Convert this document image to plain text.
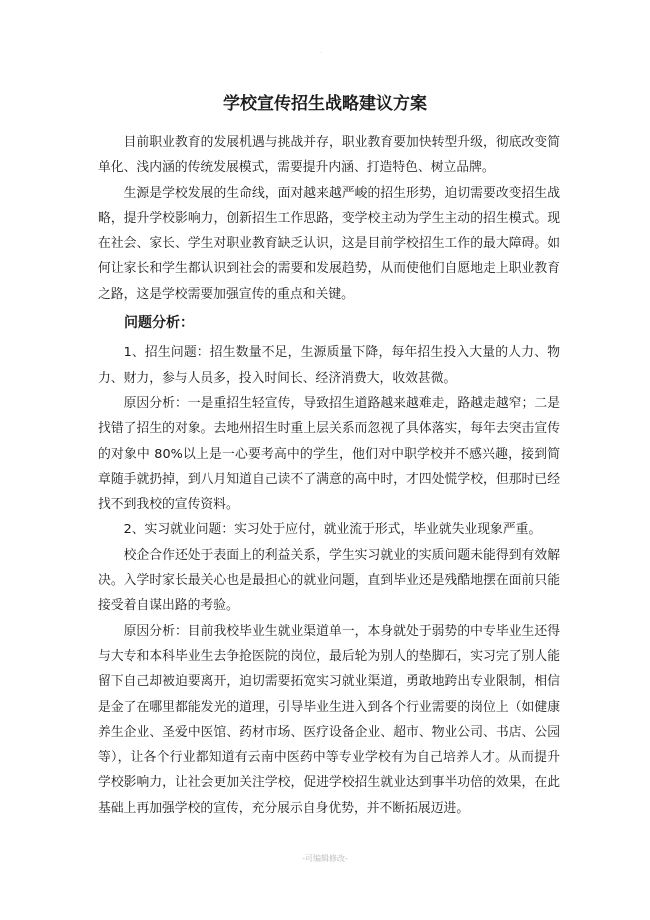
.
学校宣传招生战略建议方案

目前职业教育的发展机遇与挑战并存，职业教育要加快转型升级，彻底改变简单化、浅内涵的传统发展模式，需要提升内涵、打造特色、树立品牌。

生源是学校发展的生命线，面对越来越严峻的招生形势，迫切需要改变招生战略，提升学校影响力，创新招生工作思路，变学校主动为学生主动的招生模式。现在社会、家长、学生对职业教育缺乏认识，这是目前学校招生工作的最大障碍。如何让家长和学生都认识到社会的需要和发展趋势，从而使他们自愿地走上职业教育之路，这是学校需要加强宣传的重点和关键。

问题分析：

1、招生问题：招生数量不足，生源质量下降，每年招生投入大量的人力、物力、财力，参与人员多，投入时间长、经济消费大，收效甚微。

原因分析：一是重招生轻宣传，导致招生道路越来越难走，路越走越窄；二是找错了招生的对象。去地州招生时重上层关系而忽视了具体落实，每年去突击宣传的对象中 80%以上是一心要考高中的学生，他们对中职学校并不感兴趣，接到简章随手就扔掉，到八月知道自己读不了满意的高中时，才四处慌学校，但那时已经找不到我校的宣传资料。

2、实习就业问题：实习处于应付，就业流于形式，毕业就失业现象严重。

校企合作还处于表面上的利益关系，学生实习就业的实质问题未能得到有效解决。入学时家长最关心也是最担心的就业问题，直到毕业还是残酷地摆在面前只能接受着自谋出路的考验。

原因分析：目前我校毕业生就业渠道单一，本身就处于弱势的中专毕业生还得与大专和本科毕业生去争抢医院的岗位，最后轮为别人的垫脚石，实习完了别人能留下自己却被迫要离开，迫切需要拓宽实习就业渠道，勇敢地跨出专业限制，相信是金了在哪里都能发光的道理，引导毕业生进入到各个行业需要的岗位上（如健康养生企业、圣爱中医馆、药材市场、医疗设备企业、超市、物业公司、书店、公园等），让各个行业都知道有云南中医药中等专业学校有为自己培养人才。从而提升学校影响力，让社会更加关注学校，促进学校招生就业达到事半功倍的效果，在此基础上再加强学校的宣传，充分展示自身优势，并不断拓展迈进。

-可编辑修改-
